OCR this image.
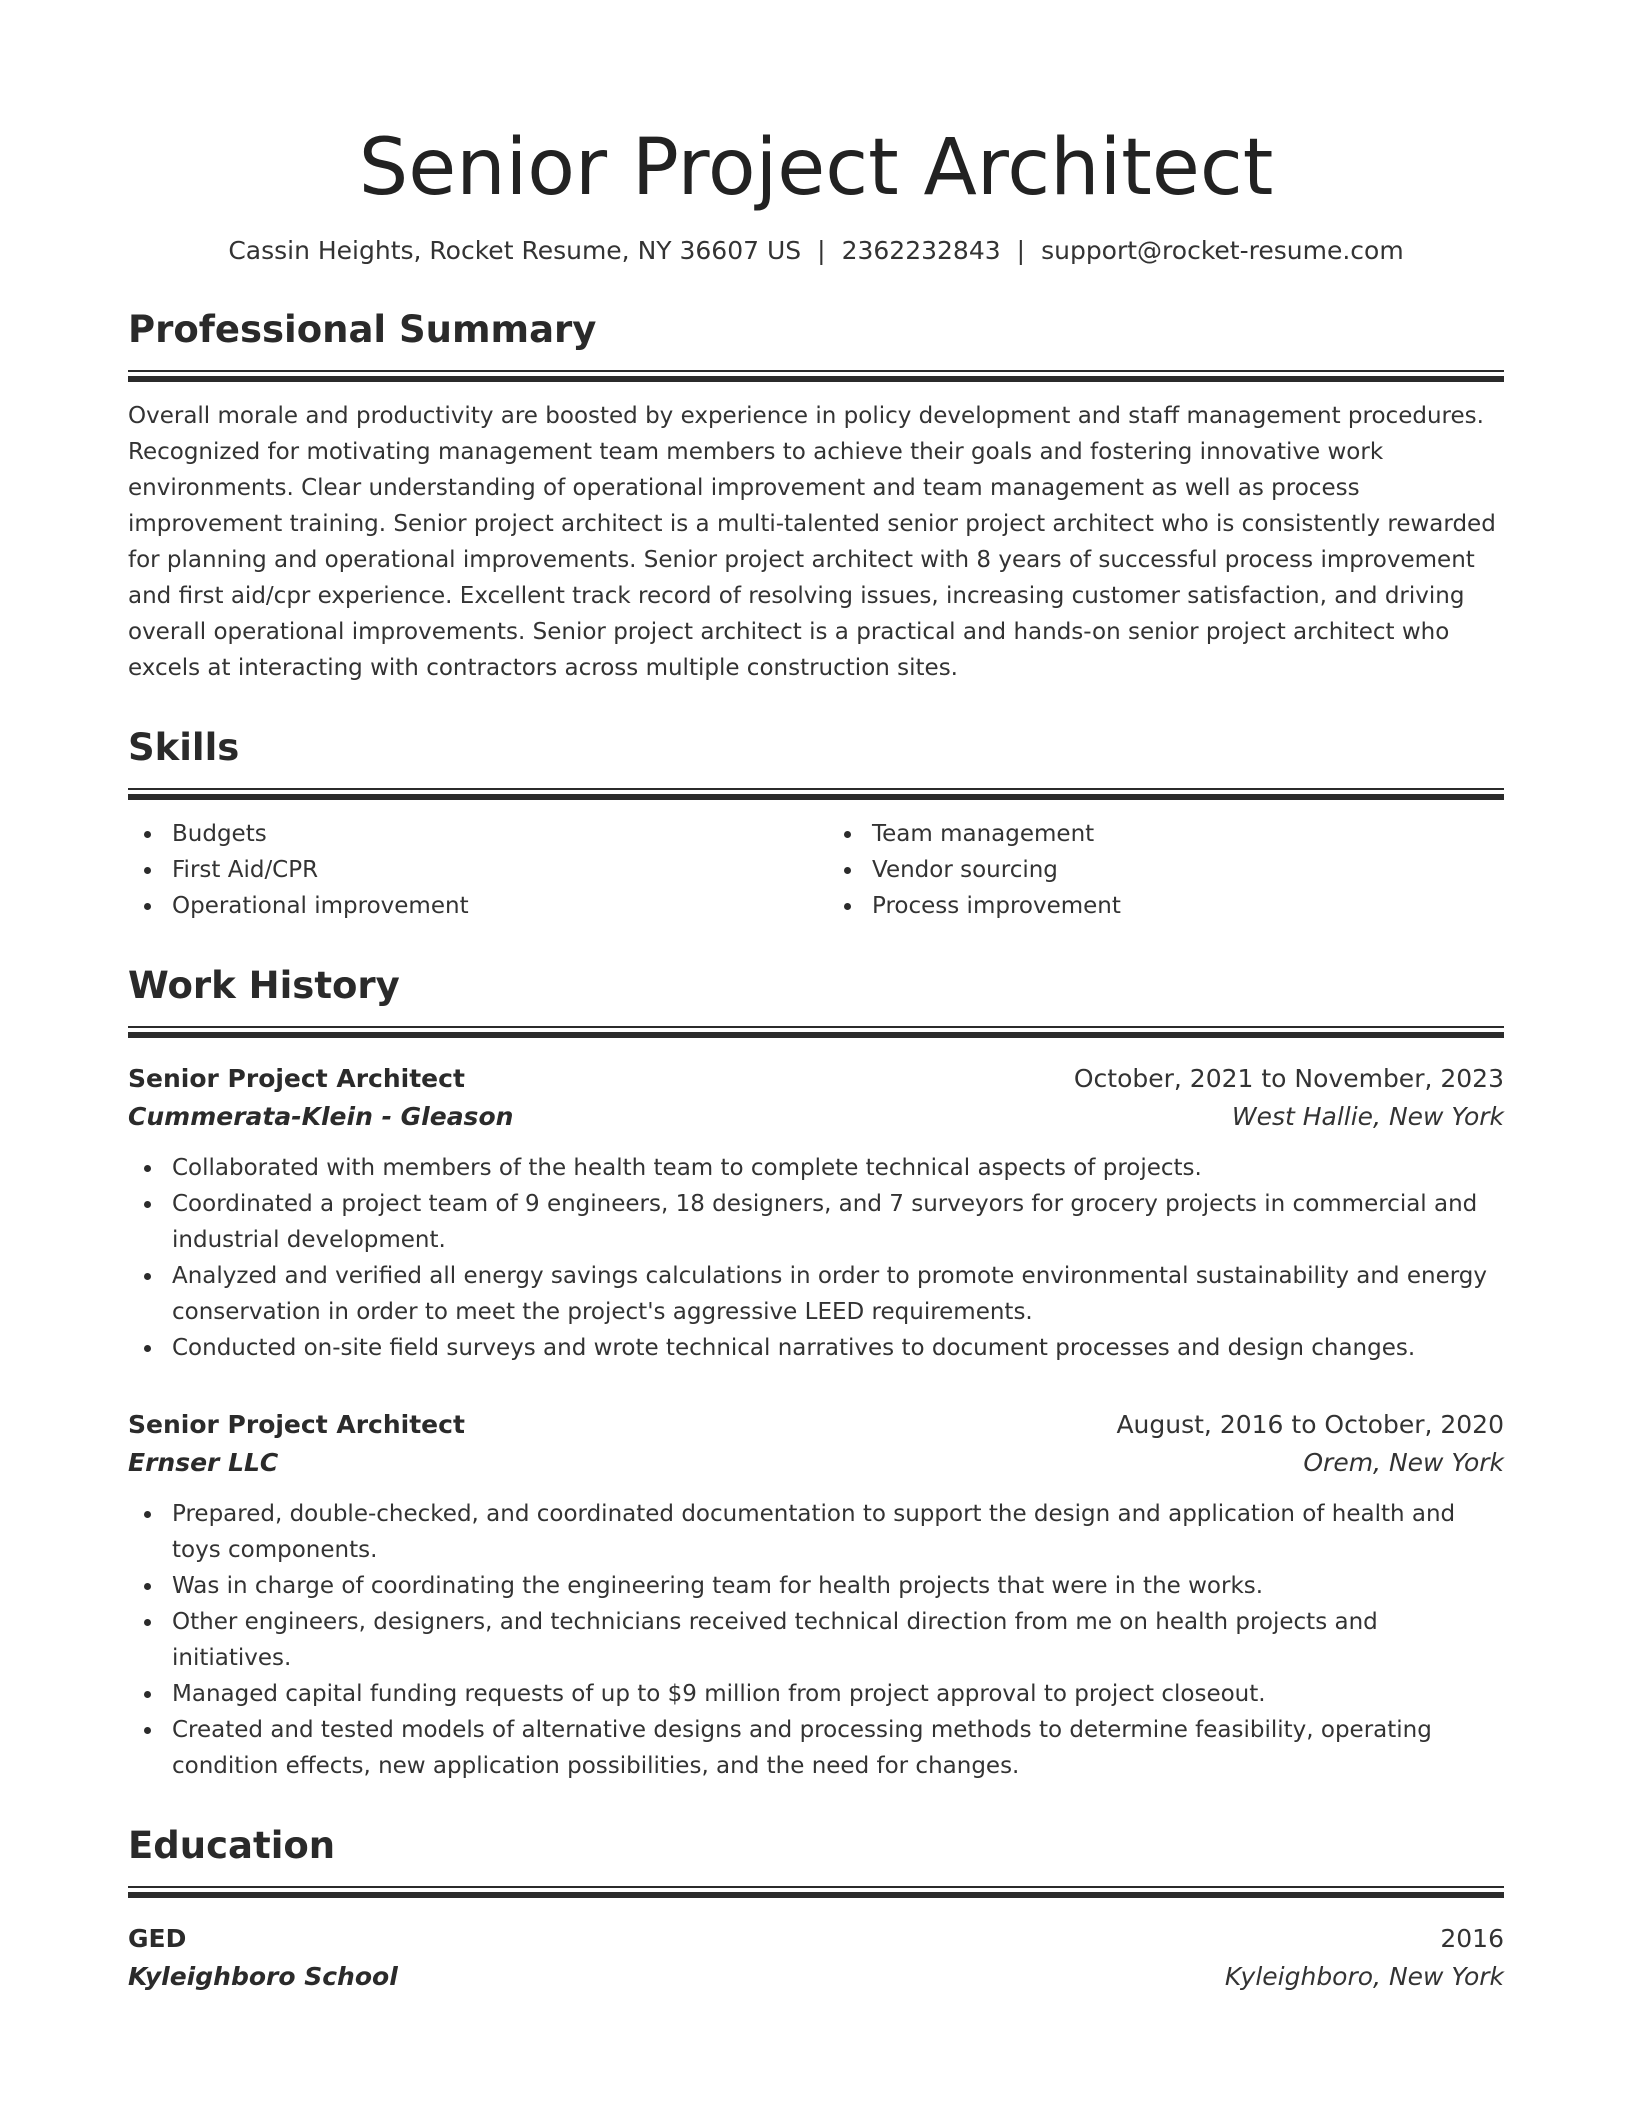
Senior Project Architect
Cassin Heights, Rocket Resume, NY 36607 US | 2362232843 | support@rocket-resume.com
Professional Summary

Overall morale and productivity are boosted by experience in policy development and staff management procedures. Recognized for motivating management team members to achieve their goals and fostering innovative work environments. Clear understanding of operational improvement and team management as well as process improvement training. Senior project architect is a multi-talented senior project architect who is consistently rewarded for planning and operational improvements. Senior project architect with 8 years of successful process improvement and first aid/cpr experience. Excellent track record of resolving issues, increasing customer satisfaction, and driving overall operational improvements. Senior project architect is a practical and hands-on senior project architect who excels at interacting with contractors across multiple construction sites.

Skills
Budgets
First Aid/CPR
Operational improvement
Team management
Vendor sourcing
Process improvement
Work History
Senior Project Architect	October, 2021 to November, 2023
Cummerata-Klein - Gleason	West Hallie, New York
Collaborated with members of the health team to complete technical aspects of projects.
Coordinated a project team of 9 engineers, 18 designers, and 7 surveyors for grocery projects in commercial and industrial development.
Analyzed and verified all energy savings calculations in order to promote environmental sustainability and energy conservation in order to meet the project's aggressive LEED requirements.
Conducted on-site field surveys and wrote technical narratives to document processes and design changes.
Senior Project Architect	August, 2016 to October, 2020
Ernser LLC	Orem, New York
Prepared, double-checked, and coordinated documentation to support the design and application of health and toys components.
Was in charge of coordinating the engineering team for health projects that were in the works.
Other engineers, designers, and technicians received technical direction from me on health projects and initiatives.
Managed capital funding requests of up to $9 million from project approval to project closeout.
Created and tested models of alternative designs and processing methods to determine feasibility, operating condition effects, new application possibilities, and the need for changes.
Education
GED	2016
Kyleighboro School	Kyleighboro, New York
